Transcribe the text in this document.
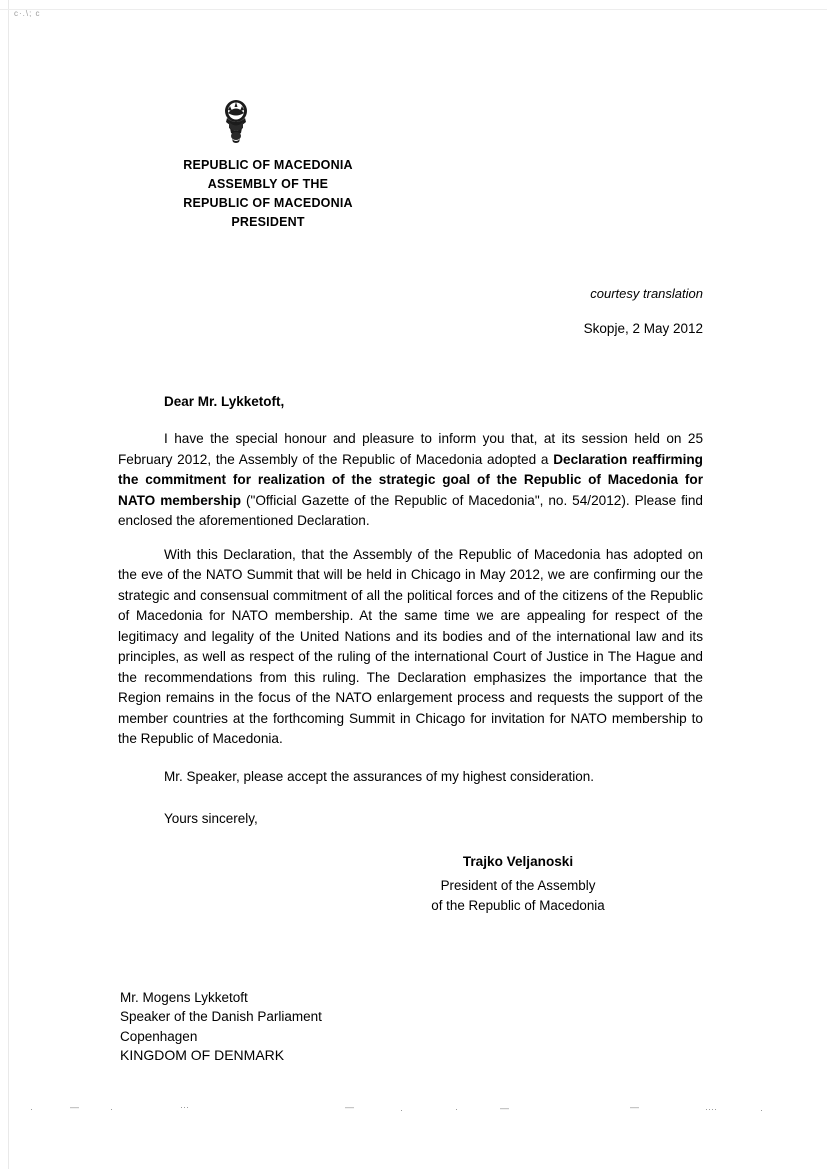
c·.\; c
REPUBLIC OF MACEDONIA
ASSEMBLY OF THE
REPUBLIC OF MACEDONIA
PRESIDENT
courtesy translation
Skopje, 2 May 2012
Dear Mr. Lykketoft,

I have the special honour and pleasure to inform you that, at its session held on 25 February 2012, the Assembly of the Republic of Macedonia adopted a Declaration reaffirming the commitment for realization of the strategic goal of the Republic of Macedonia for NATO membership ("Official Gazette of the Republic of Macedonia", no. 54/2012). Please find enclosed the aforementioned Declaration.

With this Declaration, that the Assembly of the Republic of Macedonia has adopted on the eve of the NATO Summit that will be held in Chicago in May 2012, we are confirming our the strategic and consensual commitment of all the political forces and of the citizens of the Republic of Macedonia for NATO membership. At the same time we are appealing for respect of the legitimacy and legality of the United Nations and its bodies and of the international law and its principles, as well as respect of the ruling of the international Court of Justice in The Hague and the recommendations from this ruling. The Declaration emphasizes the importance that the Region remains in the focus of the NATO enlargement process and requests the support of the member countries at the forthcoming Summit in Chicago for invitation for NATO membership to the Republic of Macedonia.

Mr. Speaker, please accept the assurances of my highest consideration.
Yours sincerely,
Trajko Veljanoski
President of the Assembly
of the Republic of Macedonia
Mr. Mogens Lykketoft
Speaker of the Danish Parliament
Copenhagen
KINGDOM OF DENMARK
·	—	·	···	—	·	·	—	—	····	·
